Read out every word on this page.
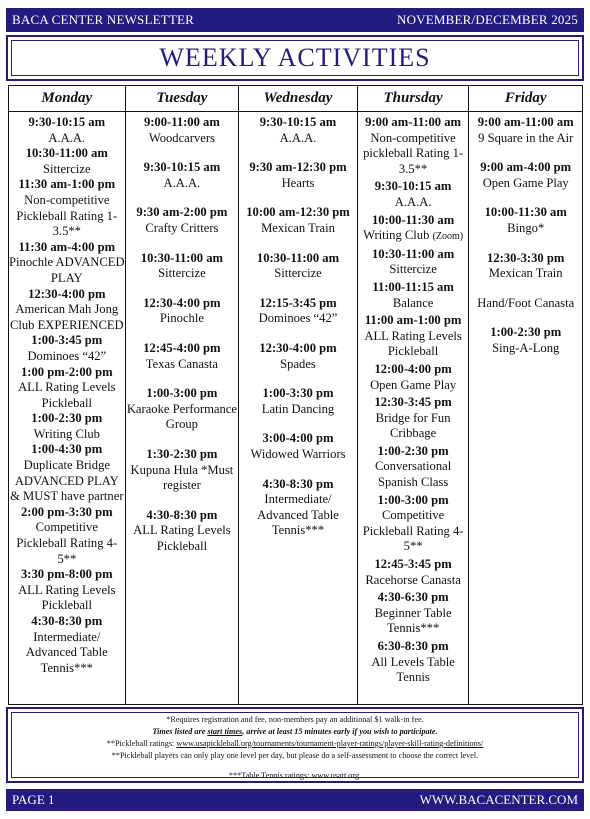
BACA CENTER NEWSLETTER	NOVEMBER/DECEMBER 2025
WEEKLY ACTIVITIES
Monday
9:30-10:15 am
A.A.A.
10:30-11:00 am
Sittercize
11:30 am-1:00 pm
Non-competitive Pickleball Rating 1-3.5**
11:30 am-4:00 pm
Pinochle ADVANCED PLAY
12:30-4:00 pm
American Mah Jong Club EXPERIENCED
1:00-3:45 pm
Dominoes “42”
1:00 pm-2:00 pm
ALL Rating Levels Pickleball
1:00-2:30 pm
Writing Club
1:00-4:30 pm
Duplicate Bridge ADVANCED PLAY & MUST have partner
2:00 pm-3:30 pm
Competitive Pickleball Rating 4-5**
3:30 pm-8:00 pm
ALL Rating Levels Pickleball
4:30-8:30 pm
Intermediate/ Advanced Table Tennis***
Tuesday
9:00-11:00 am
Woodcarvers
9:30-10:15 am
A.A.A.
9:30 am-2:00 pm
Crafty Critters
10:30-11:00 am
Sittercize
12:30-4:00 pm
Pinochle
12:45-4:00 pm
Texas Canasta
1:00-3:00 pm
Karaoke Performance Group
1:30-2:30 pm
Kupuna Hula *Must register
4:30-8:30 pm
ALL Rating Levels Pickleball
Wednesday
9:30-10:15 am
A.A.A.
9:30 am-12:30 pm
Hearts
10:00 am-12:30 pm
Mexican Train
10:30-11:00 am
Sittercize
12:15-3:45 pm
Dominoes “42”
12:30-4:00 pm
Spades
1:00-3:30 pm
Latin Dancing
3:00-4:00 pm
Widowed Warriors
4:30-8:30 pm
Intermediate/ Advanced Table Tennis***
Thursday
9:00 am-11:00 am
Non-competitive pickleball Rating 1-3.5**
9:30-10:15 am
A.A.A.
10:00-11:30 am
Writing Club (Zoom)
10:30-11:00 am
Sittercize
11:00-11:15 am
Balance
11:00 am-1:00 pm
ALL Rating Levels Pickleball
12:00-4:00 pm
Open Game Play
12:30-3:45 pm
Bridge for Fun Cribbage
1:00-2:30 pm
Conversational Spanish Class
1:00-3:00 pm
Competitive Pickleball Rating 4-5**
12:45-3:45 pm
Racehorse Canasta
4:30-6:30 pm
Beginner Table Tennis***
6:30-8:30 pm
All Levels Table Tennis
Friday
9:00 am-11:00 am
9 Square in the Air
9:00 am-4:00 pm
Open Game Play
10:00-11:30 am
Bingo*
12:30-3:30 pm
Mexican Train
Hand/Foot Canasta
1:00-2:30 pm
Sing-A-Long
*Requires registration and fee, non-members pay an additional $1 walk-in fee.
Times listed are start times, arrive at least 15 minutes early if you wish to participate.
**Pickleball ratings: www.usapickleball.org/tournaments/tournament-player-ratings/player-skill-rating-definitions/
**Pickleball players can only play one level per day, but please do a self-assessment to choose the correct level.
***Table Tennis ratings: www.usatt.org.
PAGE 1	WWW.BACACENTER.COM
